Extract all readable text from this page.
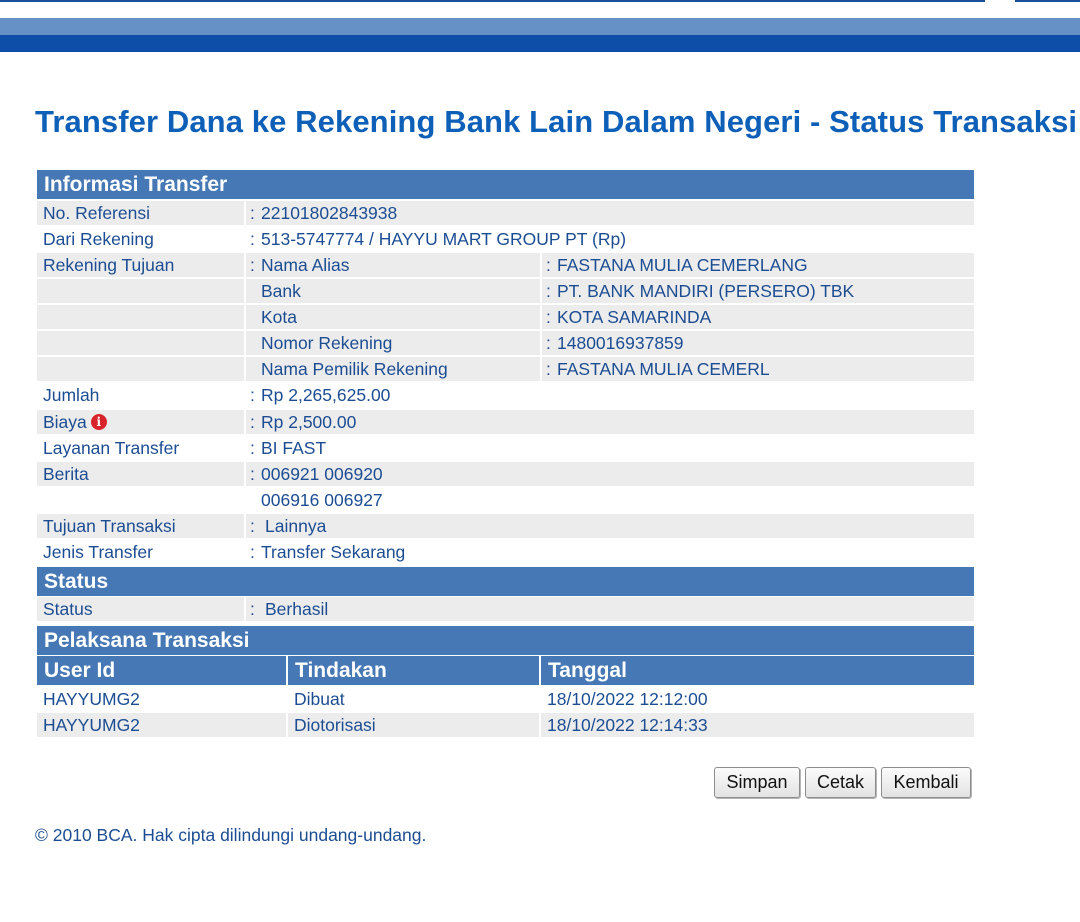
Transfer Dana ke Rekening Bank Lain Dalam Negeri - Status Transaksi
Informasi Transfer
No. Referensi	: 22101802843938
Dari Rekening	: 513-5747774 / HAYYU MART GROUP PT (Rp)
Rekening Tujuan	: Nama Alias	: FASTANA MULIA CEMERLANG
Bank	: PT. BANK MANDIRI (PERSERO) TBK
Kota	: KOTA SAMARINDA
Nomor Rekening	: 1480016937859
Nama Pemilik Rekening	: FASTANA MULIA CEMERL
Jumlah	: Rp 2,265,625.00
Biaya i	: Rp 2,500.00
Layanan Transfer	: BI FAST
Berita	: 006921 006920
006916 006927
Tujuan Transaksi	: Lainnya
Jenis Transfer	: Transfer Sekarang
Status
Status	: Berhasil
Pelaksana Transaksi
User Id	Tindakan	Tanggal
HAYYUMG2	Dibuat	18/10/2022 12:12:00
HAYYUMG2	Diotorisasi	18/10/2022 12:14:33
Simpan	Cetak	Kembali
© 2010 BCA. Hak cipta dilindungi undang-undang.
